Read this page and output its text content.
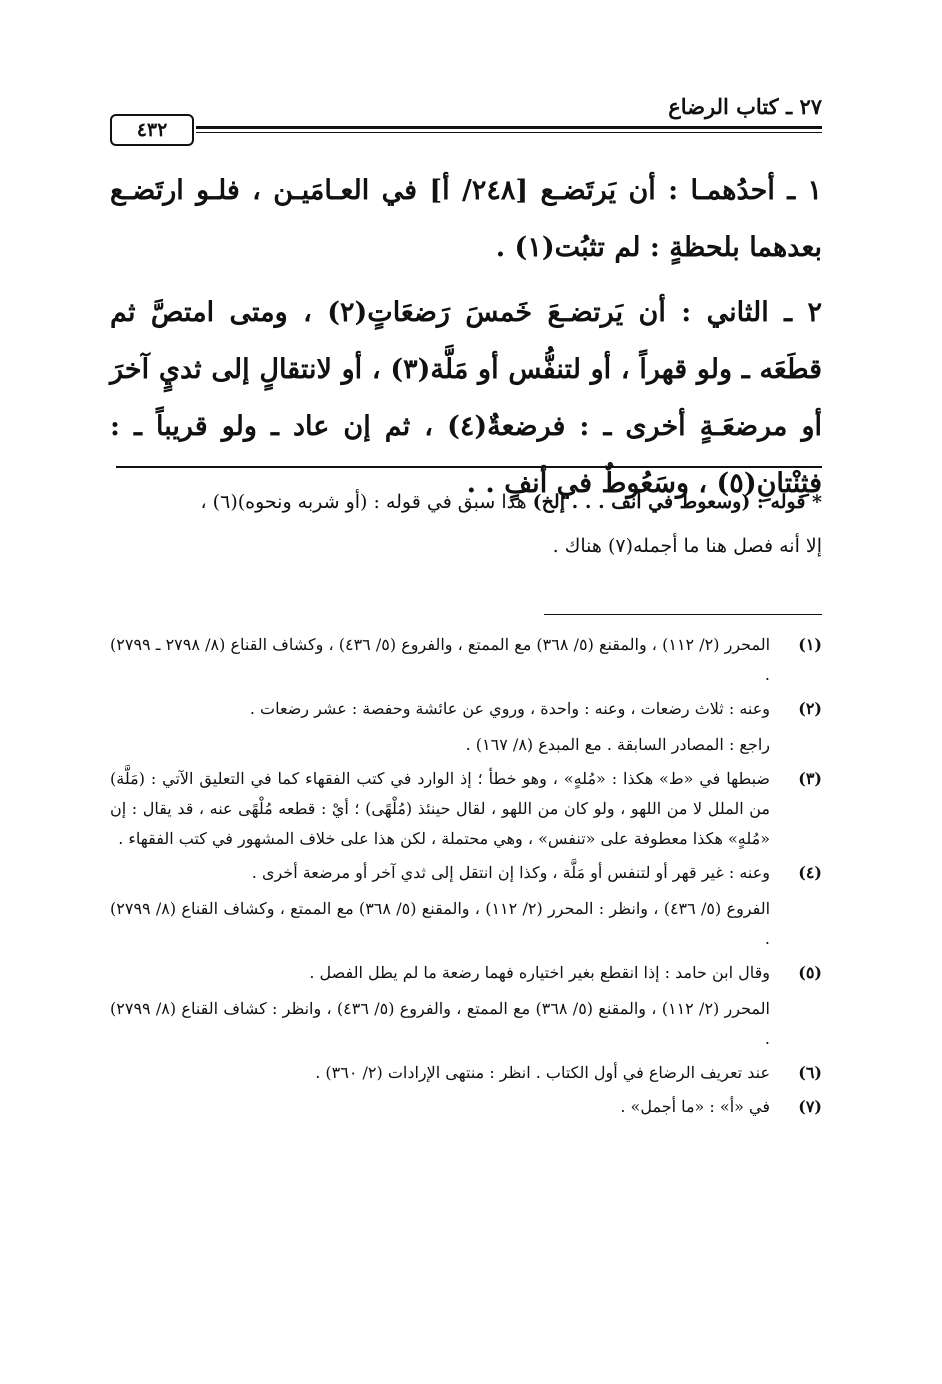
٢٧ ـ كتاب الرضاع
٤٣٢

١ ـ أحدُهمـا : أن يَرتَضـع [٢٤٨/ أ] في العـامَيـن ، فلـو ارتَضـع بعدهما بلحظةٍ : لم تثبُت(١) .

٢ ـ الثاني : أن يَرتضـعَ خَمسَ رَضعَاتٍ(٢) ، ومتى امتصَّ ثم قطَعَه ـ ولو قهراً ، أو لتنفُّس أو مَلَّة(٣) ، أو لانتقالٍ إلى ثديٍ آخرَ أو مرضعَـةٍ أخرى ـ : فرضعةٌ(٤) ، ثم إن عاد ـ ولو قريباً ـ : فثِنْتانِ(٥) ، وسَعُوطٌ في أنفٍ . .

* قوله : (وسعوط في أنف . . . إلخ) هذا سبق في قوله : (أو شربه ونحوه)(٦) ،

إلا أنه فصل هنا ما أجمله(٧) هناك .

(١)

المحرر (٢/ ١١٢) ، والمقنع (٥/ ٣٦٨) مع الممتع ، والفروع (٥/ ٤٣٦) ، وكشاف القناع (٨/ ٢٧٩٨ ـ ٢٧٩٩) .

(٢)

وعنه : ثلاث رضعات ، وعنه : واحدة ، وروي عن عائشة وحفصة : عشر رضعات .

راجع : المصادر السابقة . مع المبدع (٨/ ١٦٧) .

(٣)

ضبطها في «ط» هكذا : «مُلهٍ» ، وهو خطأ ؛ إذ الوارد في كتب الفقهاء كما في التعليق الآتي : (مَلَّة) من الملل لا من اللهو ، ولو كان من اللهو ، لقال حينئذ (مُلْهًى) ؛ أيْ : قطعه مُلْهًى عنه ، قد يقال : إن «مُلهٍ» هكذا معطوفة على «تنفس» ، وهي محتملة ، لكن هذا على خلاف المشهور في كتب الفقهاء .

(٤)

وعنه : غير قهر أو لتنفس أو مَلَّة ، وكذا إن انتقل إلى ثدي آخر أو مرضعة أخرى .

الفروع (٥/ ٤٣٦) ، وانظر : المحرر (٢/ ١١٢) ، والمقنع (٥/ ٣٦٨) مع الممتع ، وكشاف القناع (٨/ ٢٧٩٩) .

(٥)

وقال ابن حامد : إذا انقطع بغير اختياره فهما رضعة ما لم يطل الفصل .

المحرر (٢/ ١١٢) ، والمقنع (٥/ ٣٦٨) مع الممتع ، والفروع (٥/ ٤٣٦) ، وانظر : كشاف القناع (٨/ ٢٧٩٩) .

(٦)

عند تعريف الرضاع في أول الكتاب . انظر : منتهى الإرادات (٢/ ٣٦٠) .

(٧)

في «أ» : «ما أجمل» .
